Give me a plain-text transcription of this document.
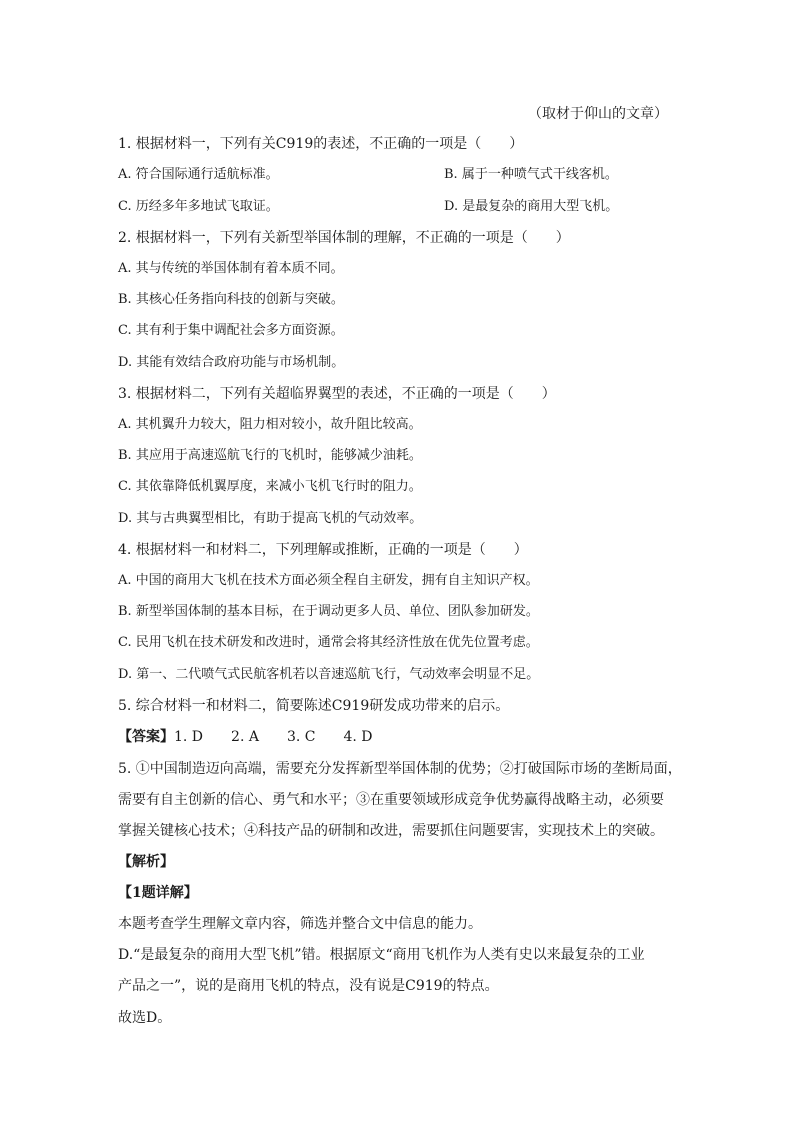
（取材于仰山的文章）
1. 根据材料一，下列有关C919的表述，不正确的一项是（　　）
A. 符合国际通行适航标准。	B. 属于一种喷气式干线客机。
C. 历经多年多地试飞取证。	D. 是最复杂的商用大型飞机。
2. 根据材料一，下列有关新型举国体制的理解，不正确的一项是（　　）
A. 其与传统的举国体制有着本质不同。
B. 其核心任务指向科技的创新与突破。
C. 其有利于集中调配社会多方面资源。
D. 其能有效结合政府功能与市场机制。
3. 根据材料二，下列有关超临界翼型的表述，不正确的一项是（　　）
A. 其机翼升力较大，阻力相对较小，故升阻比较高。
B. 其应用于高速巡航飞行的飞机时，能够减少油耗。
C. 其依靠降低机翼厚度，来减小飞机飞行时的阻力。
D. 其与古典翼型相比，有助于提高飞机的气动效率。
4. 根据材料一和材料二，下列理解或推断，正确的一项是（　　）
A. 中国的商用大飞机在技术方面必须全程自主研发，拥有自主知识产权。
B. 新型举国体制的基本目标，在于调动更多人员、单位、团队参加研发。
C. 民用飞机在技术研发和改进时，通常会将其经济性放在优先位置考虑。
D. 第一、二代喷气式民航客机若以音速巡航飞行，气动效率会明显不足。
5. 综合材料一和材料二，简要陈述C919研发成功带来的启示。
【答案】1. D　　2. A　　3. C　　4. D
5. ①中国制造迈向高端，需要充分发挥新型举国体制的优势；②打破国际市场的垄断局面，
需要有自主创新的信心、勇气和水平；③在重要领域形成竞争优势赢得战略主动，必须要
掌握关键核心技术；④科技产品的研制和改进，需要抓住问题要害，实现技术上的突破。
【解析】
【1题详解】
本题考查学生理解文章内容，筛选并整合文中信息的能力。
D.“是最复杂的商用大型飞机”错。根据原文“商用飞机作为人类有史以来最复杂的工业
产品之一”，说的是商用飞机的特点，没有说是C919的特点。
故选D。
